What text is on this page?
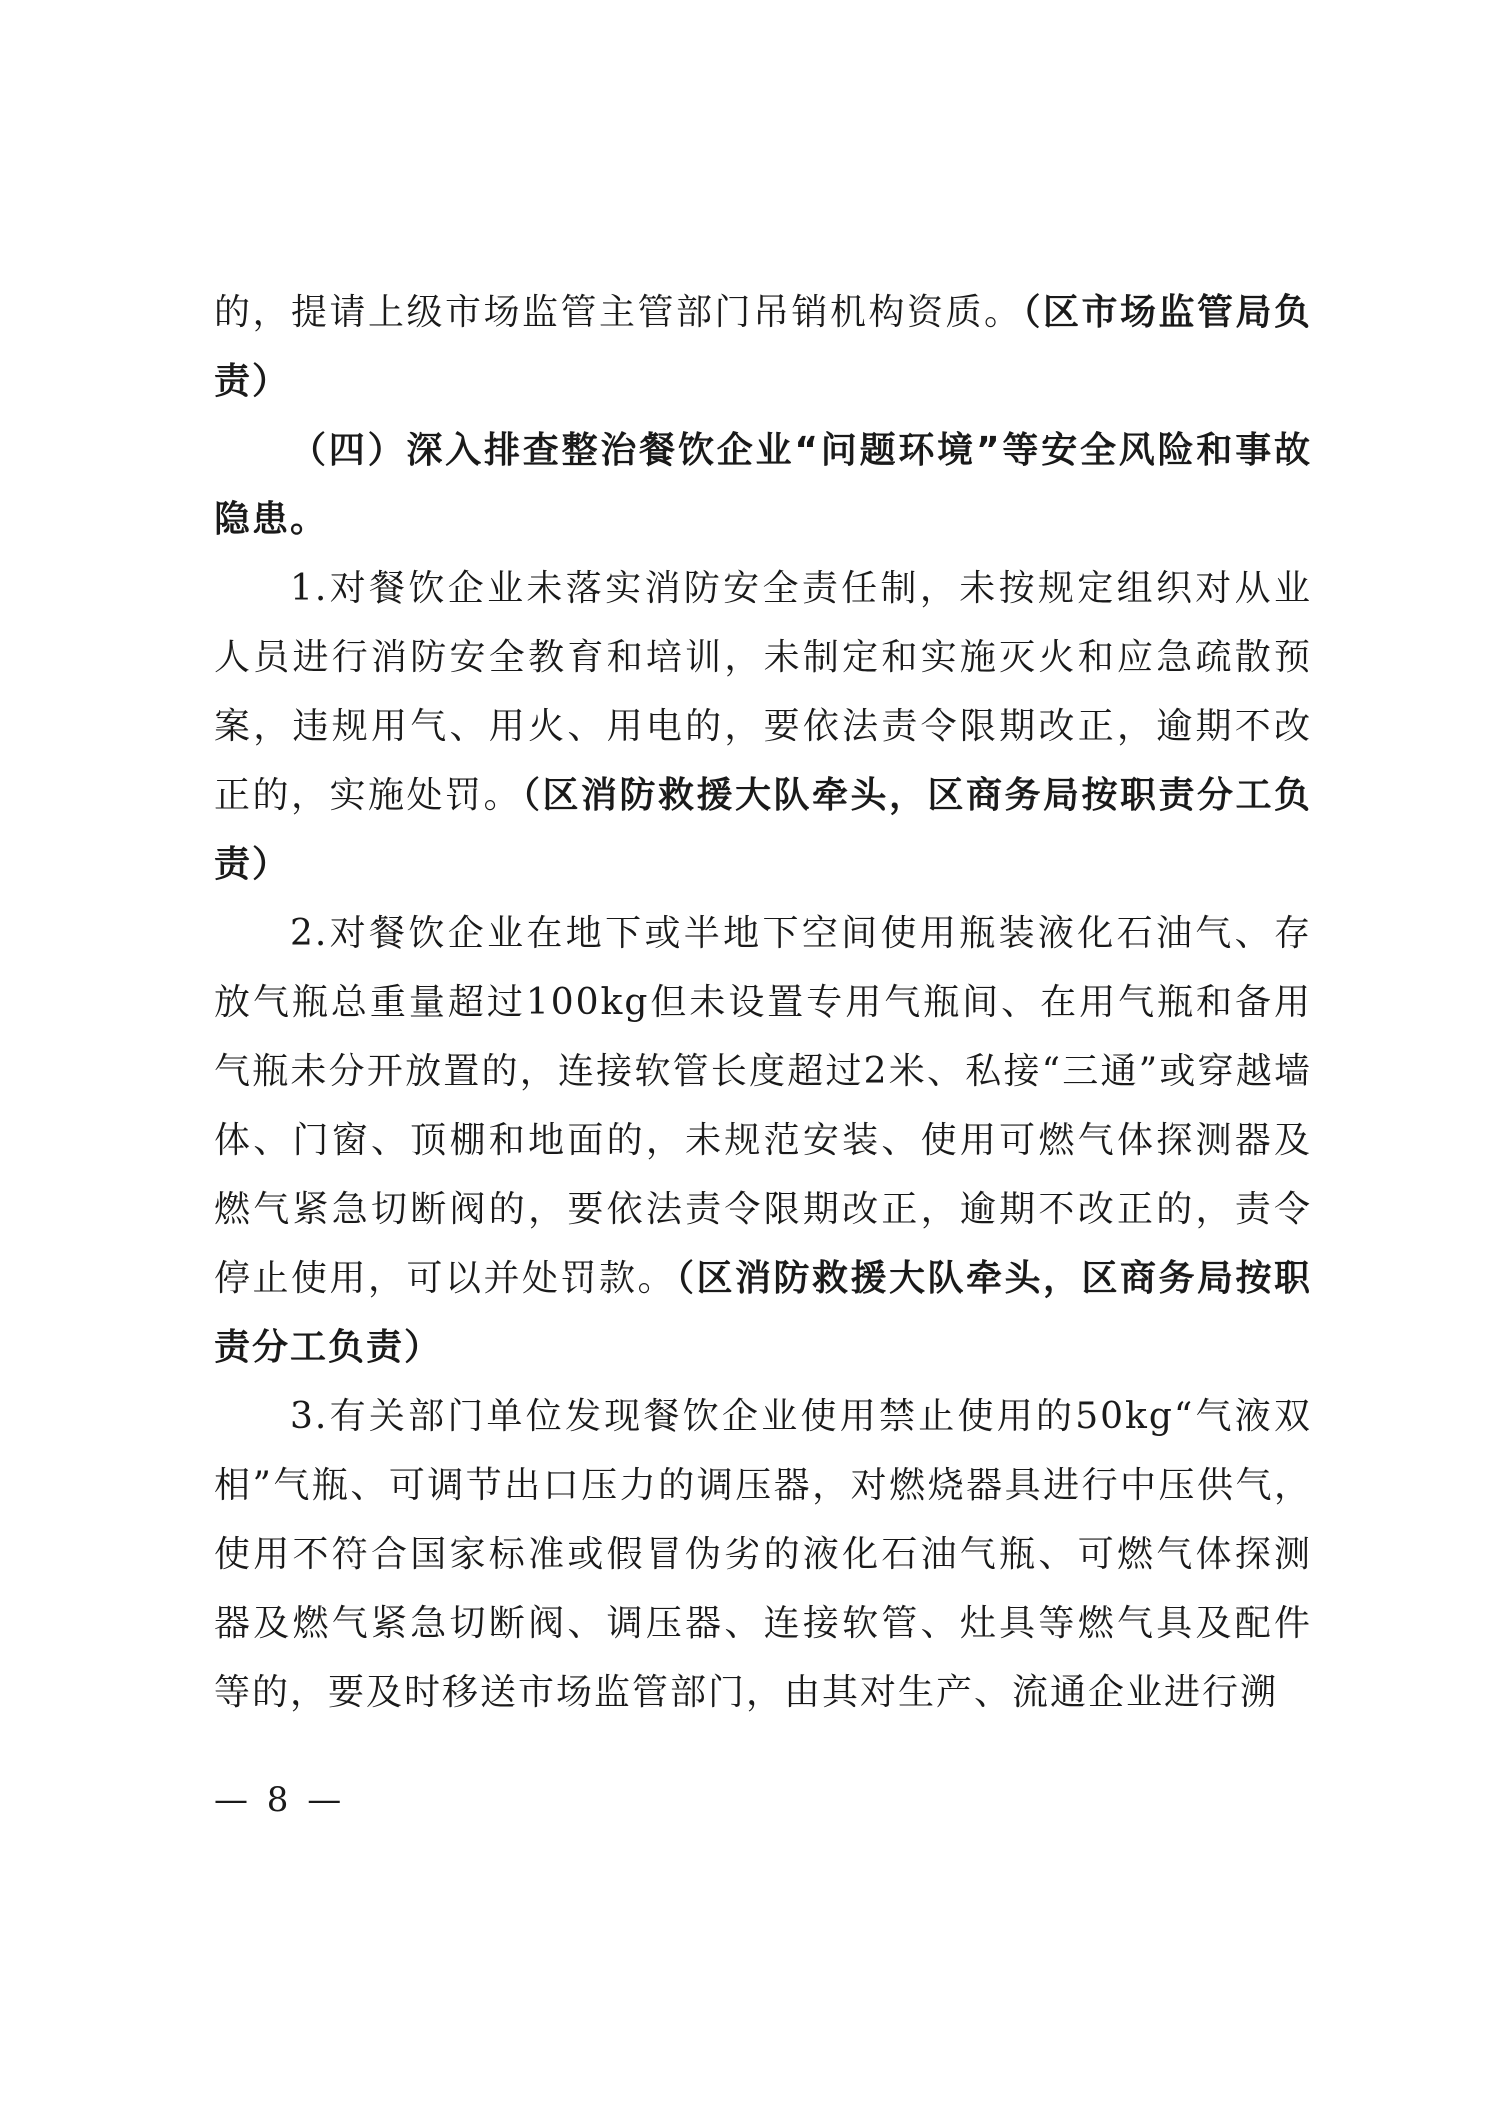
的，提请上级市场监管主管部门吊销机构资质。（区市场监管局负责）

（四）深入排查整治餐饮企业“问题环境”等安全风险和事故隐患。

1.对餐饮企业未落实消防安全责任制，未按规定组织对从业人员进行消防安全教育和培训，未制定和实施灭火和应急疏散预案，违规用气、用火、用电的，要依法责令限期改正，逾期不改正的，实施处罚。（区消防救援大队牵头，区商务局按职责分工负责）

2.对餐饮企业在地下或半地下空间使用瓶装液化石油气、存放气瓶总重量超过100kg但未设置专用气瓶间、在用气瓶和备用气瓶未分开放置的，连接软管长度超过2米、私接“三通”或穿越墙体、门窗、顶棚和地面的，未规范安装、使用可燃气体探测器及燃气紧急切断阀的，要依法责令限期改正，逾期不改正的，责令停止使用，可以并处罚款。（区消防救援大队牵头，区商务局按职责分工负责）

3.有关部门单位发现餐饮企业使用禁止使用的50kg“气液双相”气瓶、可调节出口压力的调压器，对燃烧器具进行中压供气，使用不符合国家标准或假冒伪劣的液化石油气瓶、可燃气体探测器及燃气紧急切断阀、调压器、连接软管、灶具等燃气具及配件等的，要及时移送市场监管部门，由其对生产、流通企业进行溯

— 8 —
